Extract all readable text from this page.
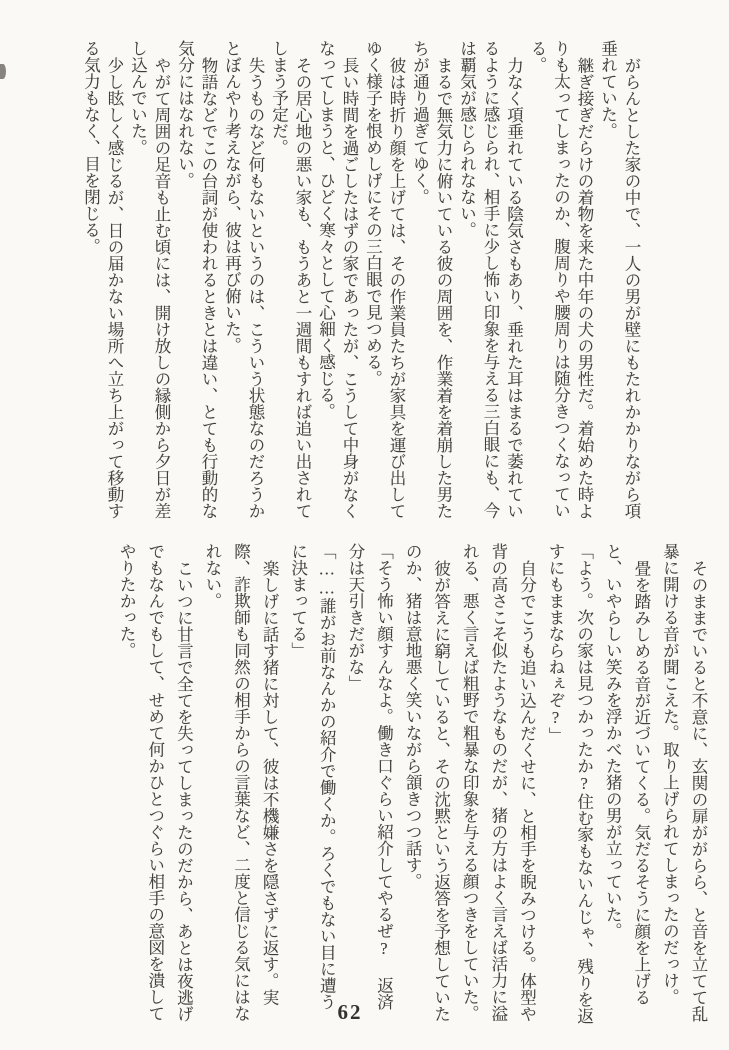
がらんとした家の中で、一人の男が壁にもたれかかりながら項垂れていた。

継ぎ接ぎだらけの着物を来た中年の犬の男性だ。着始めた時よりも太ってしまったのか、腹周りや腰周りは随分きつくなっている。

力なく項垂れている陰気さもあり、垂れた耳はまるで萎れているように感じられ、相手に少し怖い印象を与える三白眼にも、今は覇気が感じられなない。

まるで無気力に俯いている彼の周囲を、作業着を着崩した男たちが通り過ぎてゆく。

彼は時折り顔を上げては、その作業員たちが家具を運び出してゆく様子を恨めしげにその三白眼で見つめる。

長い時間を過ごしたはずの家であったが、こうして中身がなくなってしまうと、ひどく寒々として心細く感じる。

その居心地の悪い家も、もうあと一週間もすれば追い出されてしまう予定だ。

失うものなど何もないというのは、こういう状態なのだろうかとぼんやり考えながら、彼は再び俯いた。

物語などでこの台詞が使われるときとは違い、とても行動的な気分にはなれない。

やがて周囲の足音も止む頃には、開け放しの縁側から夕日が差し込んでいた。

少し眩しく感じるが、日の届かない場所へ立ち上がって移動する気力もなく、目を閉じる。

そのままでいると不意に、玄関の扉ががらら、と音を立てて乱暴に開ける音が聞こえた。取り上げられてしまったのだっけ。

畳を踏みしめる音が近づいてくる。気だるそうに顔を上げると、いやらしい笑みを浮かべた猪の男が立っていた。

「よう。次の家は見つかったか?住む家もないんじゃ、残りを返すにもままならねぇぞ?」

自分でこうも追い込んだくせに、と相手を睨みつける。体型や背の高さこそ似たようなものだが、猪の方はよく言えば活力に溢れる、悪く言えば粗野で粗暴な印象を与える顔つきをしていた。

彼が答えに窮していると、その沈黙という返答を予想していたのか、猪は意地悪く笑いながら頷きつつ話す。

「そう怖い顔すんなよ。働き口ぐらい紹介してやるぜ? 返済分は天引きだがな」

「……誰がお前なんかの紹介で働くか。ろくでもない目に遭うに決まってる」

楽しげに話す猪に対して、彼は不機嫌さを隠さずに返す。実際、詐欺師も同然の相手からの言葉など、二度と信じる気にはなれない。

こいつに甘言で全てを失ってしまったのだから、あとは夜逃げでもなんでもして、せめて何かひとつぐらい相手の意図を潰してやりたかった。

62
